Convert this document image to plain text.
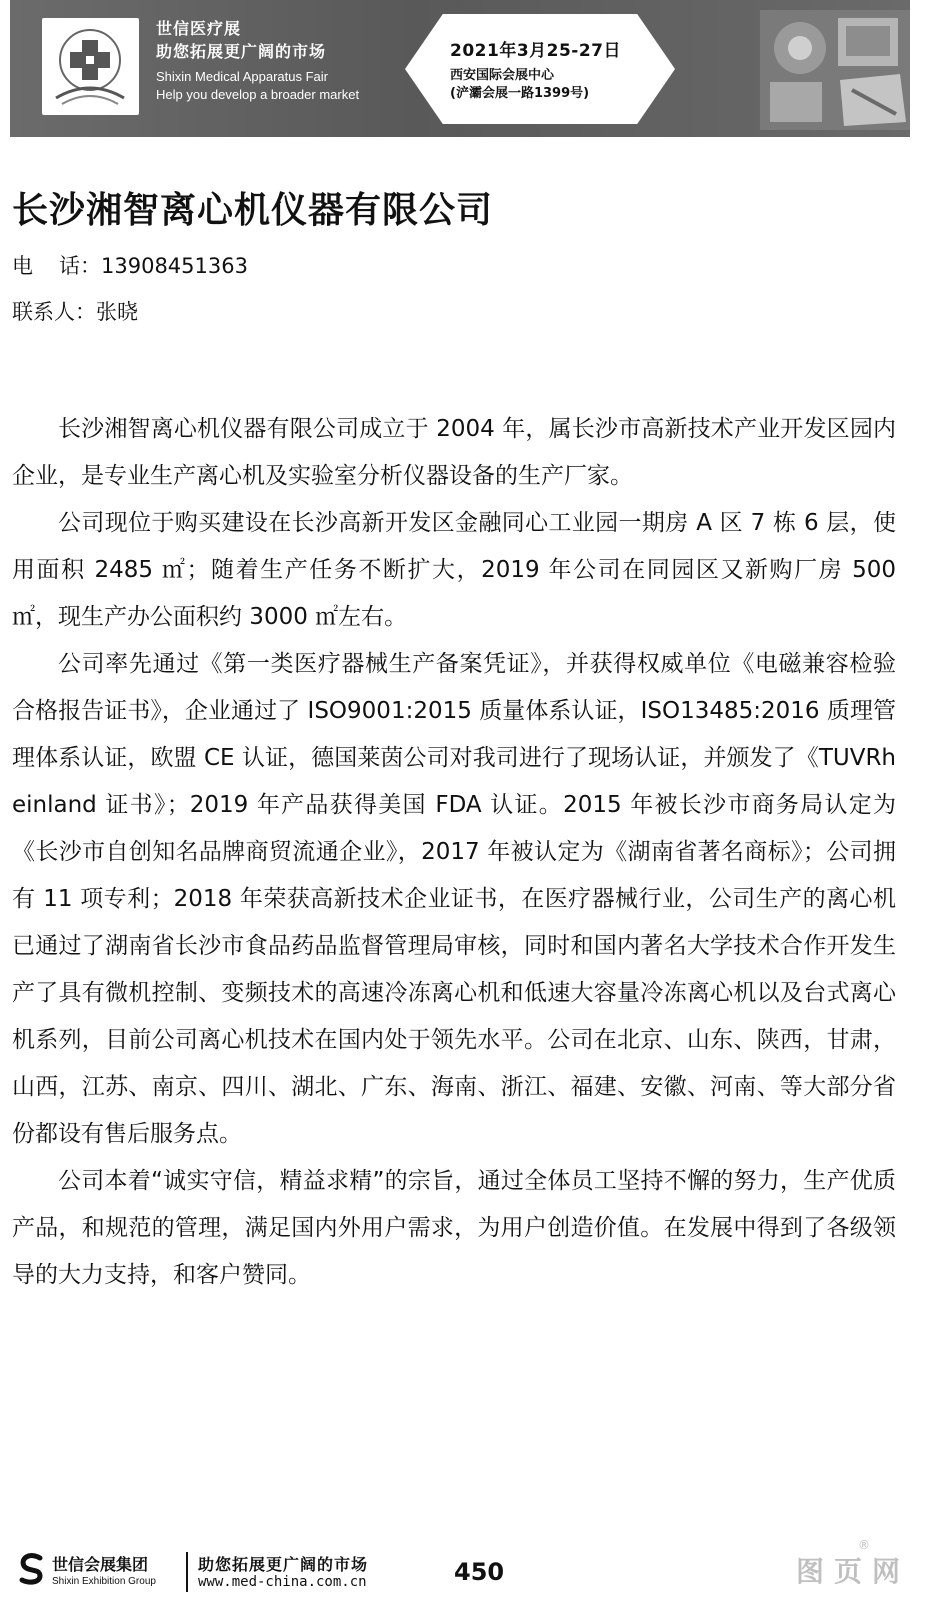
世信医疗展
助您拓展更广阔的市场
Shixin Medical Apparatus Fair
Help you develop a broader market
2021年3月25-27日
西安国际会展中心
(浐灞会展一路1399号)
长沙湘智离心机仪器有限公司
电话：13908451363
联系人：张晓

长沙湘智离心机仪器有限公司成立于 2004 年，属长沙市高新技术产业开发区园内企业，是专业生产离心机及实验室分析仪器设备的生产厂家。

公司现位于购买建设在长沙高新开发区金融同心工业园一期房 A 区 7 栋 6 层，使用面积 2485 ㎡；随着生产任务不断扩大，2019 年公司在同园区又新购厂房 500 ㎡，现生产办公面积约 3000 ㎡左右。

公司率先通过《第一类医疗器械生产备案凭证》，并获得权威单位《电磁兼容检验合格报告证书》，企业通过了 ISO9001:2015 质量体系认证，ISO13485:2016 质理管理体系认证，欧盟 CE 认证，德国莱茵公司对我司进行了现场认证，并颁发了《TUVRheinland 证书》；2019 年产品获得美国 FDA 认证。2015 年被长沙市商务局认定为《长沙市自创知名品牌商贸流通企业》，2017 年被认定为《湖南省著名商标》；公司拥有 11 项专利；2018 年荣获高新技术企业证书，在医疗器械行业，公司生产的离心机已通过了湖南省长沙市食品药品监督管理局审核，同时和国内著名大学技术合作开发生产了具有微机控制、变频技术的高速冷冻离心机和低速大容量冷冻离心机以及台式离心机系列，目前公司离心机技术在国内处于领先水平。公司在北京、山东、陕西，甘肃，山西，江苏、南京、四川、湖北、广东、海南、浙江、福建、安徽、河南、等大部分省份都设有售后服务点。

公司本着“诚实守信，精益求精”的宗旨，通过全体员工坚持不懈的努力，生产优质产品，和规范的管理，满足国内外用户需求，为用户创造价值。在发展中得到了各级领导的大力支持，和客户赞同。

世信会展集团
Shixin Exhibition Group
助您拓展更广阔的市场
www.med-china.com.cn	450	图页网
®
